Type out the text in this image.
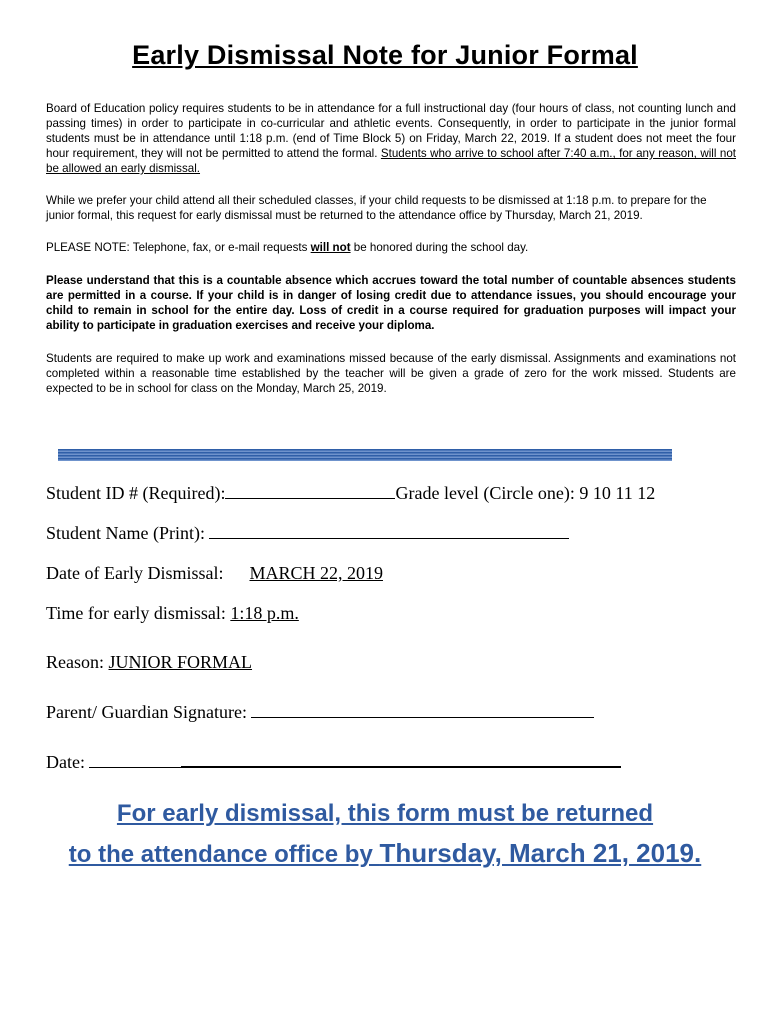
Early Dismissal Note for Junior Formal

Board of Education policy requires students to be in attendance for a full instructional day (four hours of class, not counting lunch and passing times) in order to participate in co-curricular and athletic events. Consequently, in order to participate in the junior formal students must be in attendance until 1:18 p.m. (end of Time Block 5) on Friday, March 22, 2019. If a student does not meet the four hour requirement, they will not be permitted to attend the formal. Students who arrive to school after 7:40 a.m., for any reason, will not be allowed an early dismissal.

While we prefer your child attend all their scheduled classes, if your child requests to be dismissed at 1:18 p.m. to prepare for the junior formal, this request for early dismissal must be returned to the attendance office by Thursday, March 21, 2019.

PLEASE NOTE: Telephone, fax, or e-mail requests will not be honored during the school day.

Please understand that this is a countable absence which accrues toward the total number of countable absences students are permitted in a course. If your child is in danger of losing credit due to attendance issues, you should encourage your child to remain in school for the entire day. Loss of credit in a course required for graduation purposes will impact your ability to participate in graduation exercises and receive your diploma.

Students are required to make up work and examinations missed because of the early dismissal. Assignments and examinations not completed within a reasonable time established by the teacher will be given a grade of zero for the work missed. Students are expected to be in school for class on the Monday, March 25, 2019.

Student ID # (Required):	Grade level (Circle one): 9 10 11 12
Student Name (Print):
Date of Early Dismissal: MARCH 22, 2019
Time for early dismissal: 1:18 p.m.
Reason: JUNIOR FORMAL
Parent/ Guardian Signature:
Date:
For early dismissal, this form must be returned
to the attendance office by Thursday, March 21, 2019.
